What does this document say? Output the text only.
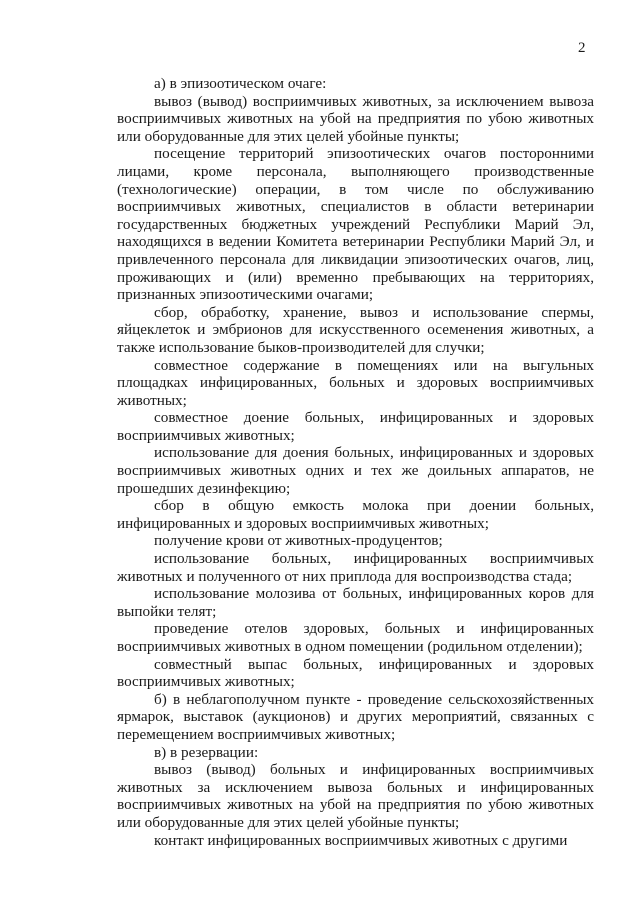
2

а) в эпизоотическом очаге:

вывоз (вывод) восприимчивых животных, за исключением вывоза восприимчивых животных на убой на предприятия по убою животных или оборудованные для этих целей убойные пункты;

посещение территорий эпизоотических очагов посторонними лицами, кроме персонала, выполняющего производственные (технологические) операции, в том числе по обслуживанию восприимчивых животных, специалистов в области ветеринарии государственных бюджетных учреждений Республики Марий Эл, находящихся в ведении Комитета ветеринарии Республики Марий Эл, и привлеченного персонала для ликвидации эпизоотических очагов, лиц, проживающих и (или) временно пребывающих на территориях, признанных эпизоотическими очагами;

сбор, обработку, хранение, вывоз и использование спермы, яйцеклеток и эмбрионов для искусственного осеменения животных, а также использование быков-производителей для случки;

совместное содержание в помещениях или на выгульных площадках инфицированных, больных и здоровых восприимчивых животных;

совместное доение больных, инфицированных и здоровых восприимчивых животных;

использование для доения больных, инфицированных и здоровых восприимчивых животных одних и тех же доильных аппаратов, не прошедших дезинфекцию;

сбор в общую емкость молока при доении больных, инфицированных и здоровых восприимчивых животных;

получение крови от животных-продуцентов;

использование больных, инфицированных восприимчивых животных и полученного от них приплода для воспроизводства стада;

использование молозива от больных, инфицированных коров для выпойки телят;

проведение отелов здоровых, больных и инфицированных восприимчивых животных в одном помещении (родильном отделении);

совместный выпас больных, инфицированных и здоровых восприимчивых животных;

б) в неблагополучном пункте - проведение сельскохозяйственных ярмарок, выставок (аукционов) и других мероприятий, связанных с перемещением восприимчивых животных;

в) в резервации:

вывоз (вывод) больных и инфицированных восприимчивых животных за исключением вывоза больных и инфицированных восприимчивых животных на убой на предприятия по убою животных или оборудованные для этих целей убойные пункты;

контакт инфицированных восприимчивых животных с другими
